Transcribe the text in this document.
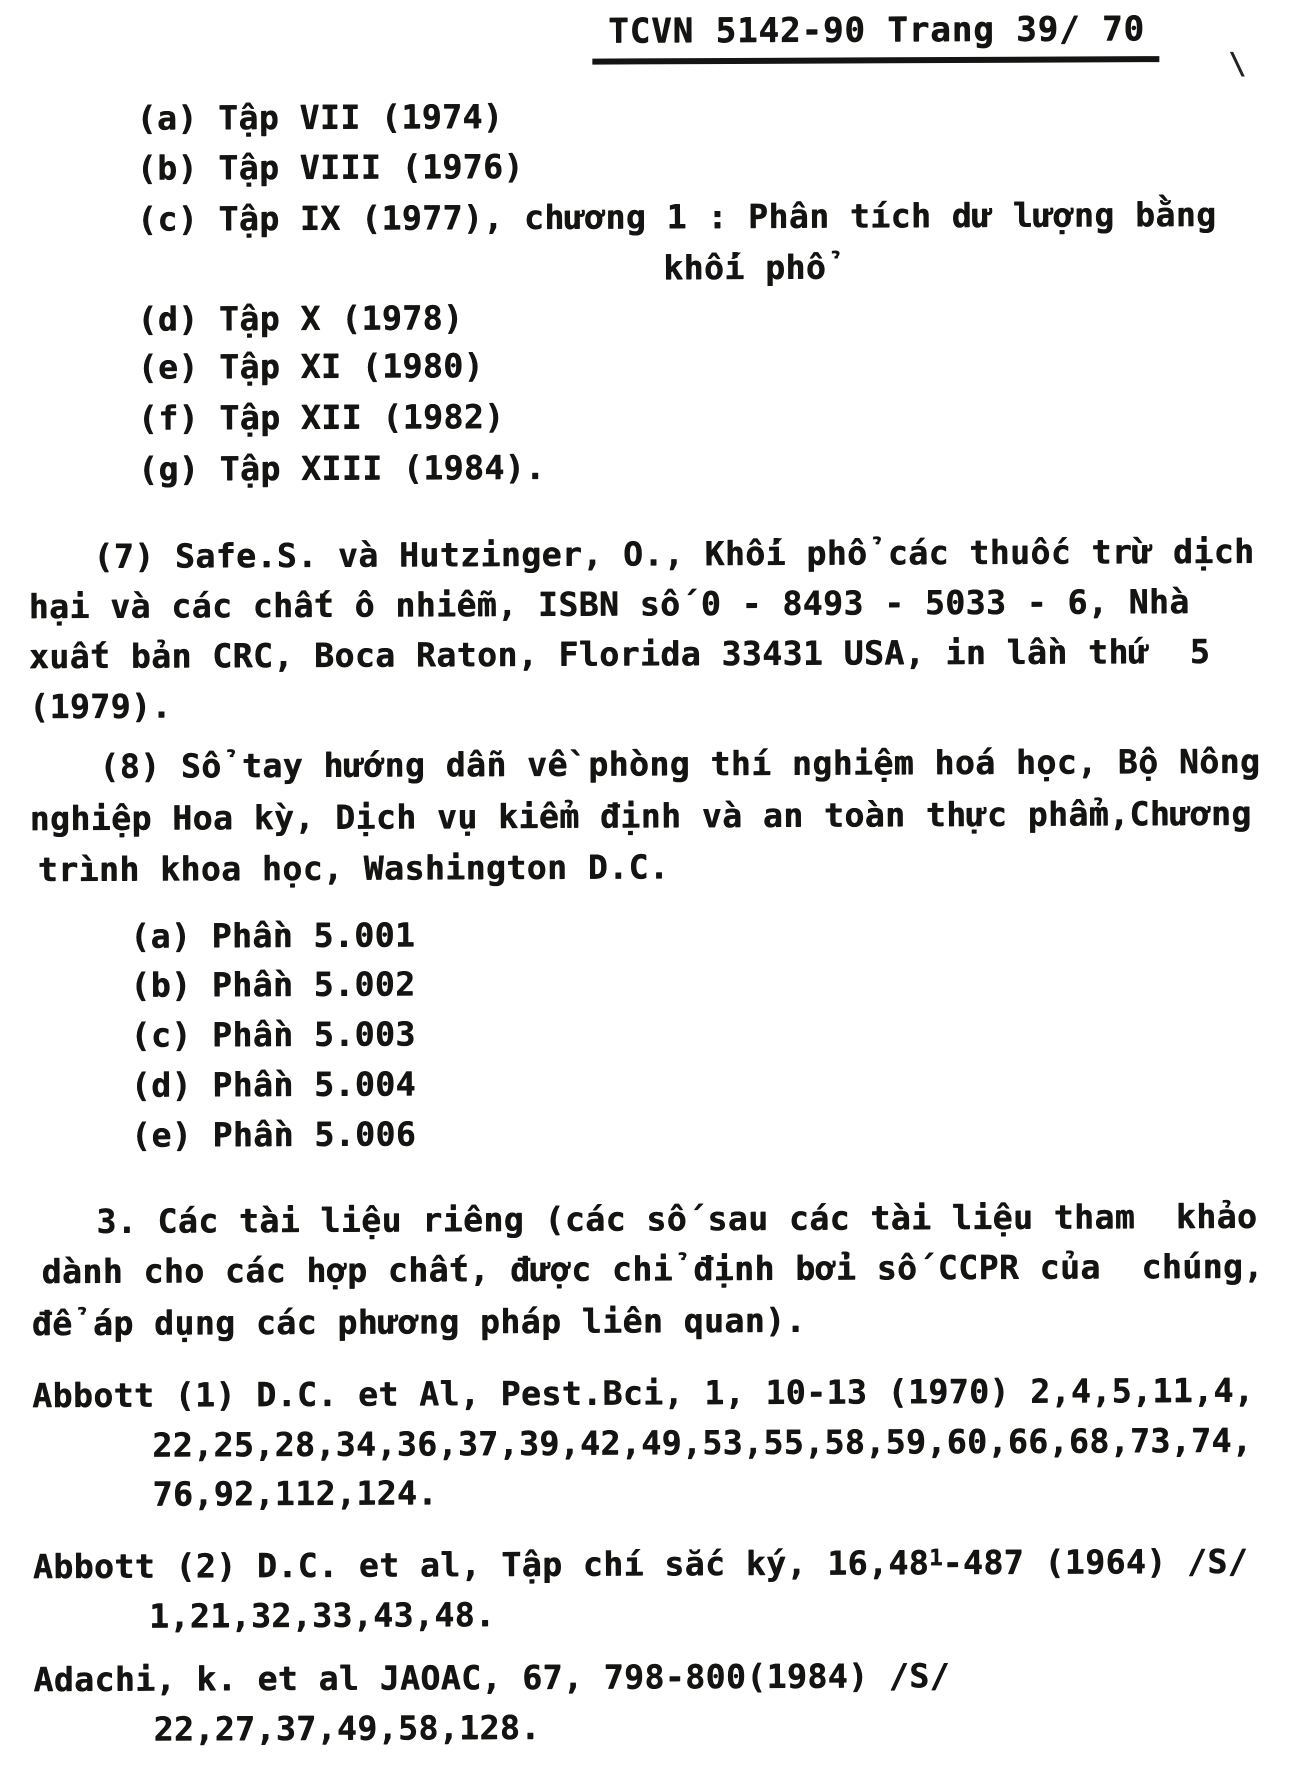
TCVN 5142-90 Trang 39/ 70
\
(a) Tập VII (1974)
(b) Tập VIII (1976)
(c) Tập IX (1977), chương 1 : Phân tích dư lượng bằng
khối phổ
(d) Tập X (1978)
(e) Tập XI (1980)
(f) Tập XII (1982)
(g) Tập XIII (1984).
(7) Safe.S. và Hutzinger, O., Khối phổ các thuốc trừ dịch
hại và các chất ô nhiễm, ISBN số 0 - 8493 - 5033 - 6, Nhà
xuất bản CRC, Boca Raton, Florida 33431 USA, in lần thứ  5
(1979).
(8) Sổ tay hướng dẫn về phòng thí nghiệm hoá học, Bộ Nông
nghiệp Hoa kỳ, Dịch vụ kiểm định và an toàn thực phẩm,Chương
trình khoa học, Washington D.C.
(a) Phần 5.001
(b) Phần 5.002
(c) Phần 5.003
(d) Phần 5.004
(e) Phần 5.006
3. Các tài liệu riêng (các số sau các tài liệu tham  khảo
dành cho các hợp chất, được chỉ định bởi số CCPR của  chúng,
để áp dụng các phương pháp liên quan).
Abbott (1) D.C. et Al, Pest.Bci, 1, 10-13 (1970) 2,4,5,11,4,
22,25,28,34,36,37,39,42,49,53,55,58,59,60,66,68,73,74,
76,92,112,124.
Abbott (2) D.C. et al, Tập chí sắc ký, 16,48$^1$-487 (1964) /S/
1,21,32,33,43,48.
Adachi, k. et al JAOAC, 67, 798-800(1984) /S/
22,27,37,49,58,128.
